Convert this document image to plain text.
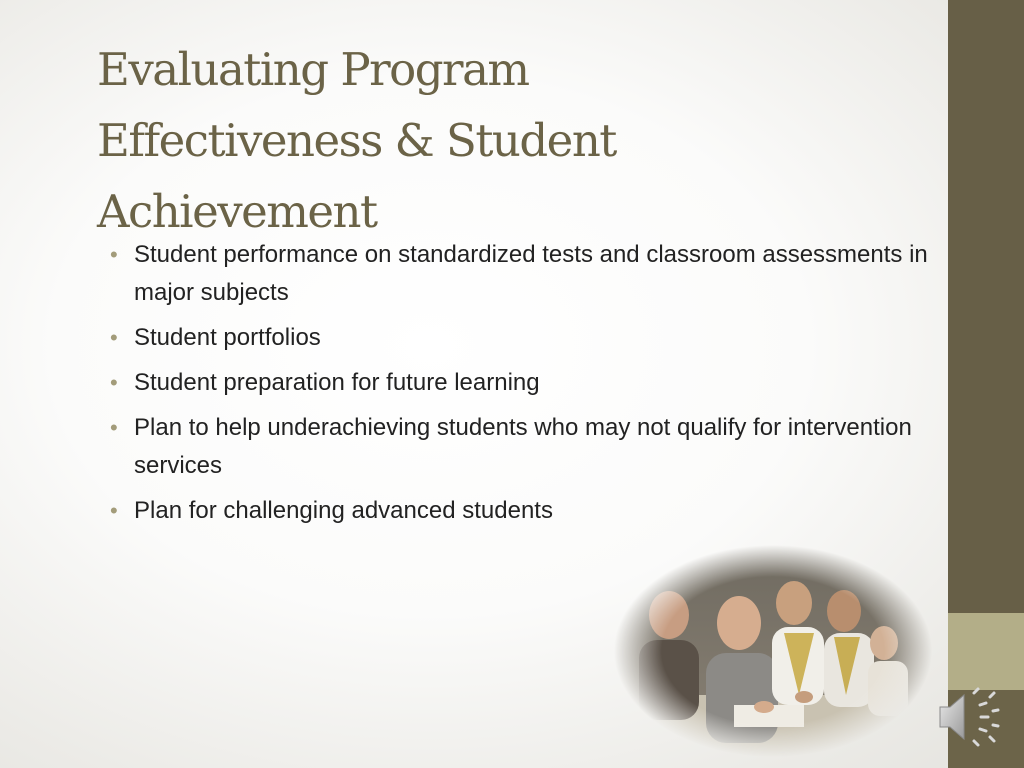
Evaluating Program
Effectiveness & Student
Achievement
• Student performance on standardized tests and classroom assessments in major subjects
• Student portfolios
• Student preparation for future learning
• Plan to help underachieving students who may not qualify for intervention services
• Plan for challenging advanced students
